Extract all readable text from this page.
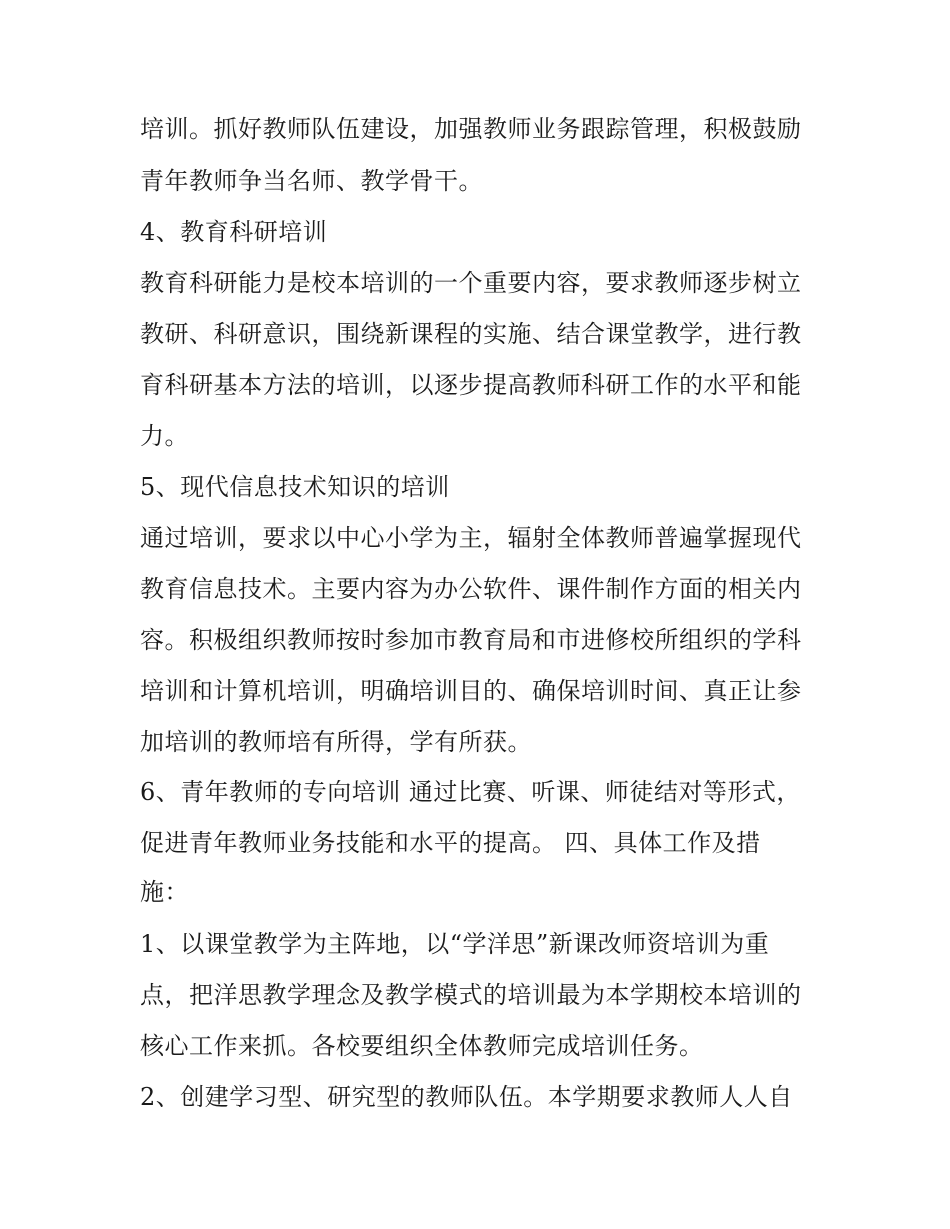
培训。抓好教师队伍建设，加强教师业务跟踪管理，积极鼓励
青年教师争当名师、教学骨干。
4、教育科研培训
教育科研能力是校本培训的一个重要内容，要求教师逐步树立
教研、科研意识，围绕新课程的实施、结合课堂教学，进行教
育科研基本方法的培训，以逐步提高教师科研工作的水平和能
力。
5、现代信息技术知识的培训
通过培训，要求以中心小学为主，辐射全体教师普遍掌握现代
教育信息技术。主要内容为办公软件、课件制作方面的相关内
容。积极组织教师按时参加市教育局和市进修校所组织的学科
培训和计算机培训，明确培训目的、确保培训时间、真正让参
加培训的教师培有所得，学有所获。
6、青年教师的专向培训 通过比赛、听课、师徒结对等形式，
促进青年教师业务技能和水平的提高。 四、具体工作及措
施：
1、以课堂教学为主阵地，以“学洋思”新课改师资培训为重
点，把洋思教学理念及教学模式的培训最为本学期校本培训的
核心工作来抓。各校要组织全体教师完成培训任务。
2、创建学习型、研究型的教师队伍。本学期要求教师人人自
